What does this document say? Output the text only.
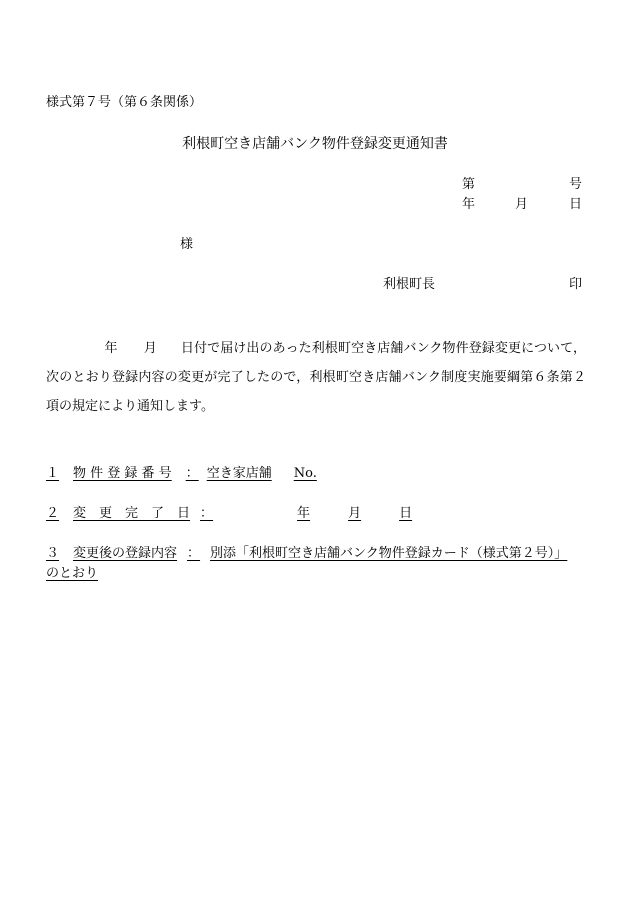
様式第７号（第６条関係）
利根町空き店舗バンク物件登録変更通知書
第	号
年	月	日
様
利根町長	印
年 月 日付で届け出のあった利根町空き店舗バンク物件登録変更について，次のとおり登録内容の変更が完了したので，利根町空き店舗バンク制度実施要綱第６条第２項の規定により通知します。
１ 物 件 登 録 番 号 ： 空き家店舗 No.
２ 変　更　完　了　日 ：	年	月	日
３ 変更後の登録内容 ： 別添「利根町空き店舗バンク物件登録カード（様式第２号）」
のとおり
